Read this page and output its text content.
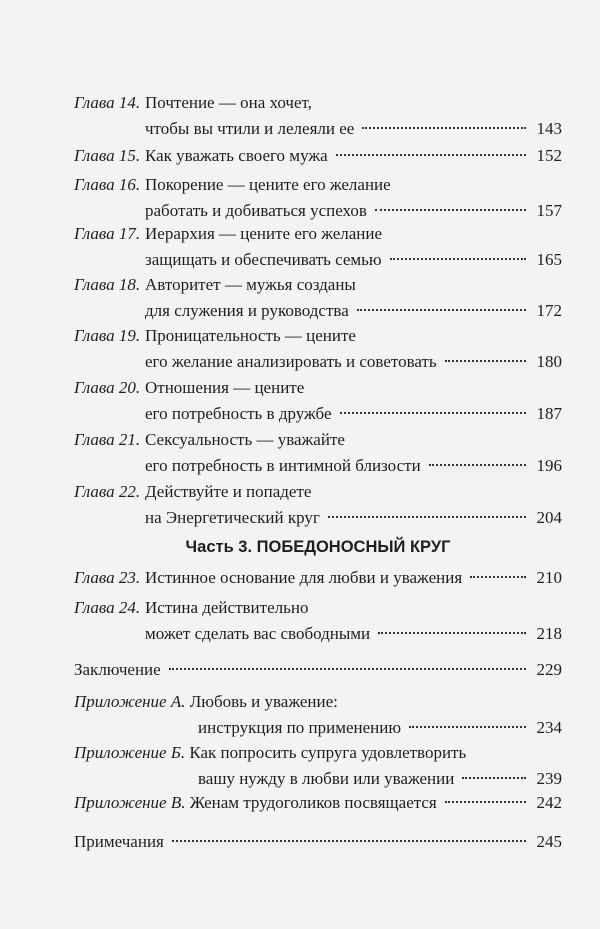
Глава 14. Почтение — она хочет,
чтобы вы чтили и лелеяли ее	143
Глава 15. Как уважать своего мужа	152
Глава 16. Покорение — цените его желание
работать и добиваться успехов	157
Глава 17. Иерархия — цените его желание
защищать и обеспечивать семью	165
Глава 18. Авторитет — мужья созданы
для служения и руководства	172
Глава 19. Проницательность — цените
его желание анализировать и советовать	180
Глава 20. Отношения — цените
его потребность в дружбе	187
Глава 21. Сексуальность — уважайте
его потребность в интимной близости	196
Глава 22. Действуйте и попадете
на Энергетический круг	204
Часть 3. ПОБЕДОНОСНЫЙ КРУГ
Глава 23. Истинное основание для любви и уважения	210
Глава 24. Истина действительно
может сделать вас свободными	218
Заключение	229
Приложение А.
Любовь и уважение:
инструкция по применению	234
Приложение Б.
Как попросить супруга удовлетворить
вашу нужду в любви или уважении	239
Приложение В.
Женам трудоголиков посвящается	242
Примечания	245
